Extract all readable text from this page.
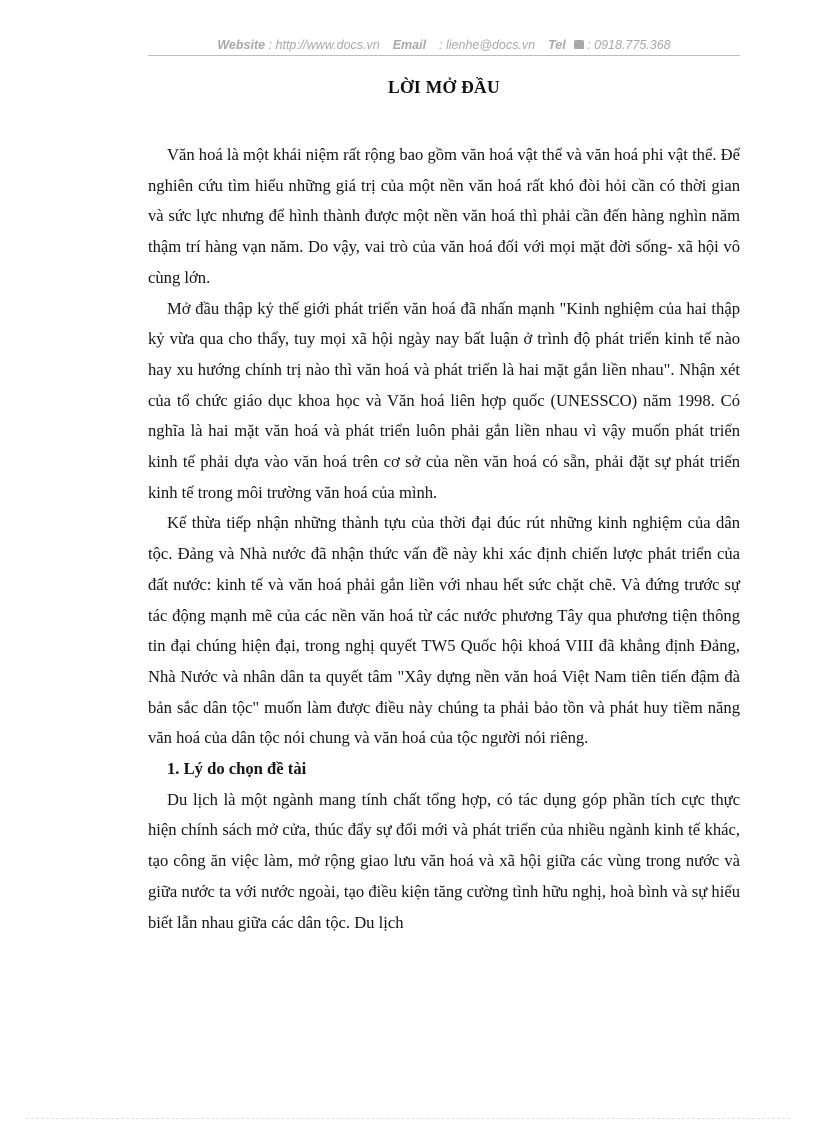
Website : http://www.docs.vn Email : lienhe@docs.vn Tel : 0918.775.368
LỜI MỞ ĐẦU

Văn hoá là một khái niệm rất rộng bao gồm văn hoá vật thể và văn hoá phi vật thể. Để nghiên cứu tìm hiểu những giá trị của một nền văn hoá rất khó đòi hỏi cần có thời gian và sức lực nhưng để hình thành được một nền văn hoá thì phải cần đến hàng nghìn năm thậm trí hàng vạn năm. Do vậy, vai trò của văn hoá đối với mọi mặt đời sống- xã hội vô cùng lớn.

Mở đầu thập kỷ thế giới phát triển văn hoá đã nhấn mạnh "Kinh nghiệm của hai thập kỷ vừa qua cho thấy, tuy mọi xã hội ngày nay bất luận ở trình độ phát triển kinh tế nào hay xu hướng chính trị nào thì văn hoá và phát triển là hai mặt gắn liền nhau". Nhận xét của tổ chức giáo dục khoa học và Văn hoá liên hợp quốc (UNESSCO) năm 1998. Có nghĩa là hai mặt văn hoá và phát triển luôn phải gắn liền nhau vì vậy muốn phát triển kinh tế phải dựa vào văn hoá trên cơ sở của nền văn hoá có sẵn, phải đặt sự phát triển kinh tế trong môi trường văn hoá của mình.

Kế thừa tiếp nhận những thành tựu của thời đại đúc rút những kinh nghiệm của dân tộc. Đảng và Nhà nước đã nhận thức vấn đề này khi xác định chiến lược phát triển của đất nước: kinh tế và văn hoá phải gắn liền với nhau hết sức chặt chẽ. Và đứng trước sự tác động mạnh mẽ của các nền văn hoá từ các nước phương Tây qua phương tiện thông tin đại chúng hiện đại, trong nghị quyết TW5 Quốc hội khoá VIII đã khẳng định Đảng, Nhà Nước và nhân dân ta quyết tâm "Xây dựng nền văn hoá Việt Nam tiên tiến đậm đà bản sắc dân tộc" muốn làm được điều này chúng ta phải bảo tồn và phát huy tiềm năng văn hoá của dân tộc nói chung và văn hoá của tộc người nói riêng.

1. Lý do chọn đề tài

Du lịch là một ngành mang tính chất tổng hợp, có tác dụng góp phần tích cực thực hiện chính sách mở cửa, thúc đẩy sự đổi mới và phát triển của nhiều ngành kinh tế khác, tạo công ăn việc làm, mở rộng giao lưu văn hoá và xã hội giữa các vùng trong nước và giữa nước ta với nước ngoài, tạo điều kiện tăng cường tình hữu nghị, hoà bình và sự hiểu biết lẫn nhau giữa các dân tộc. Du lịch
